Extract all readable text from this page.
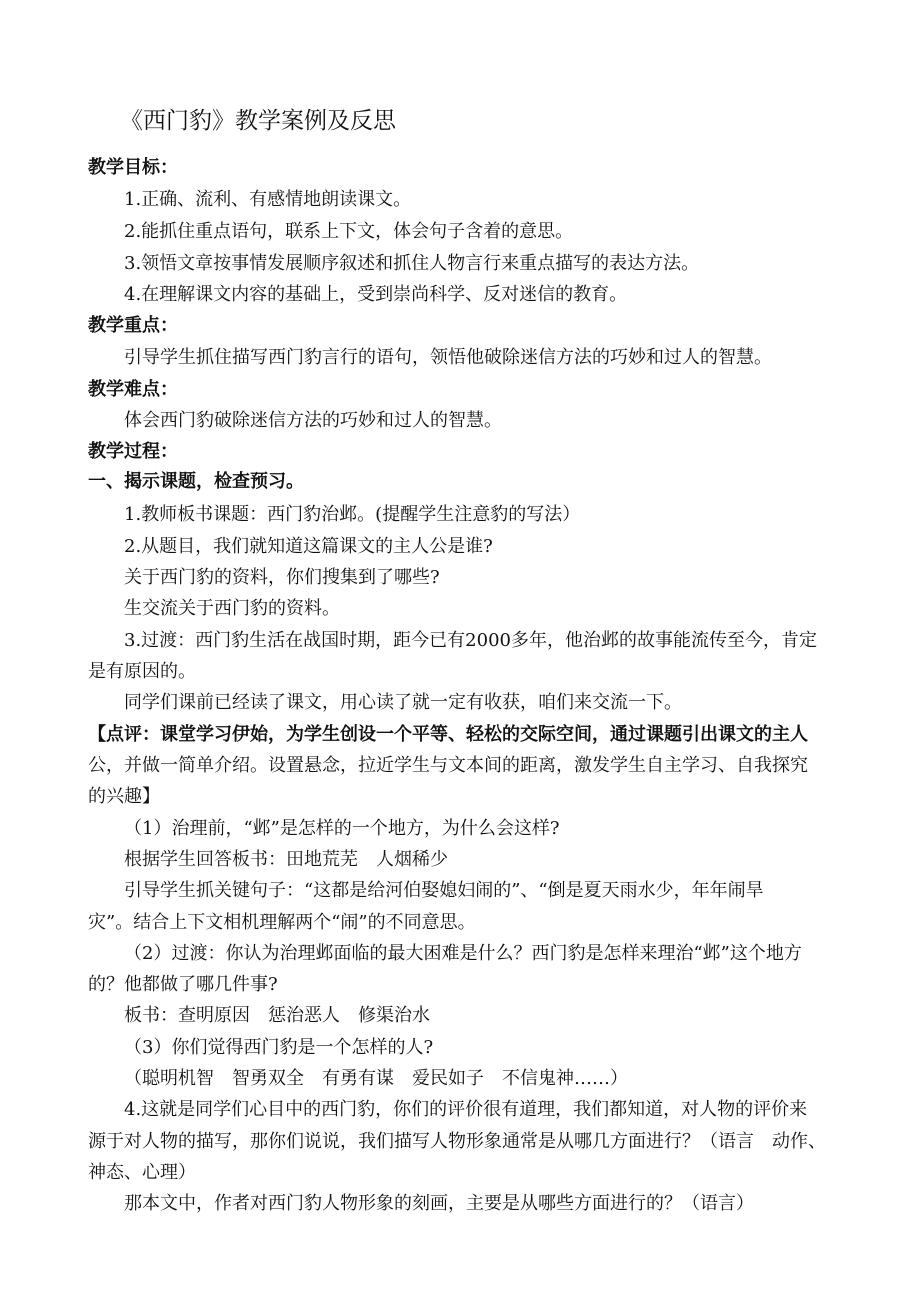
《西门豹》教学案例及反思
教学目标：
1.正确、流利、有感情地朗读课文。
2.能抓住重点语句，联系上下文，体会句子含着的意思。
3.领悟文章按事情发展顺序叙述和抓住人物言行来重点描写的表达方法。
4.在理解课文内容的基础上，受到崇尚科学、反对迷信的教育。
教学重点：
引导学生抓住描写西门豹言行的语句，领悟他破除迷信方法的巧妙和过人的智慧。
教学难点：
体会西门豹破除迷信方法的巧妙和过人的智慧。
教学过程：
一、揭示课题，检查预习。
1.教师板书课题：西门豹治邺。(提醒学生注意豹的写法）
2.从题目，我们就知道这篇课文的主人公是谁?
关于西门豹的资料，你们搜集到了哪些?
生交流关于西门豹的资料。
3.过渡：西门豹生活在战国时期，距今已有2000多年，他治邺的故事能流传至今，肯定
是有原因的。
同学们课前已经读了课文，用心读了就一定有收获，咱们来交流一下。
【点评：课堂学习伊始，为学生创设一个平等、轻松的交际空间，通过课题引出课文的主人
公，并做一简单介绍。设置悬念，拉近学生与文本间的距离，激发学生自主学习、自我探究
的兴趣】
（1）治理前，“邺”是怎样的一个地方，为什么会这样?
根据学生回答板书：田地荒芜　人烟稀少
引导学生抓关键句子：“这都是给河伯娶媳妇闹的”、“倒是夏天雨水少，年年闹旱
灾”。结合上下文相机理解两个“闹”的不同意思。
（2）过渡：你认为治理邺面临的最大困难是什么？西门豹是怎样来理治“邺”这个地方
的？他都做了哪几件事?
板书：查明原因　惩治恶人　修渠治水
（3）你们觉得西门豹是一个怎样的人?
（聪明机智　智勇双全　有勇有谋　爱民如子　不信鬼神……）
4.这就是同学们心目中的西门豹，你们的评价很有道理，我们都知道，对人物的评价来
源于对人物的描写，那你们说说，我们描写人物形象通常是从哪几方面进行？（语言　动作、
神态、心理）
那本文中，作者对西门豹人物形象的刻画，主要是从哪些方面进行的？（语言）
